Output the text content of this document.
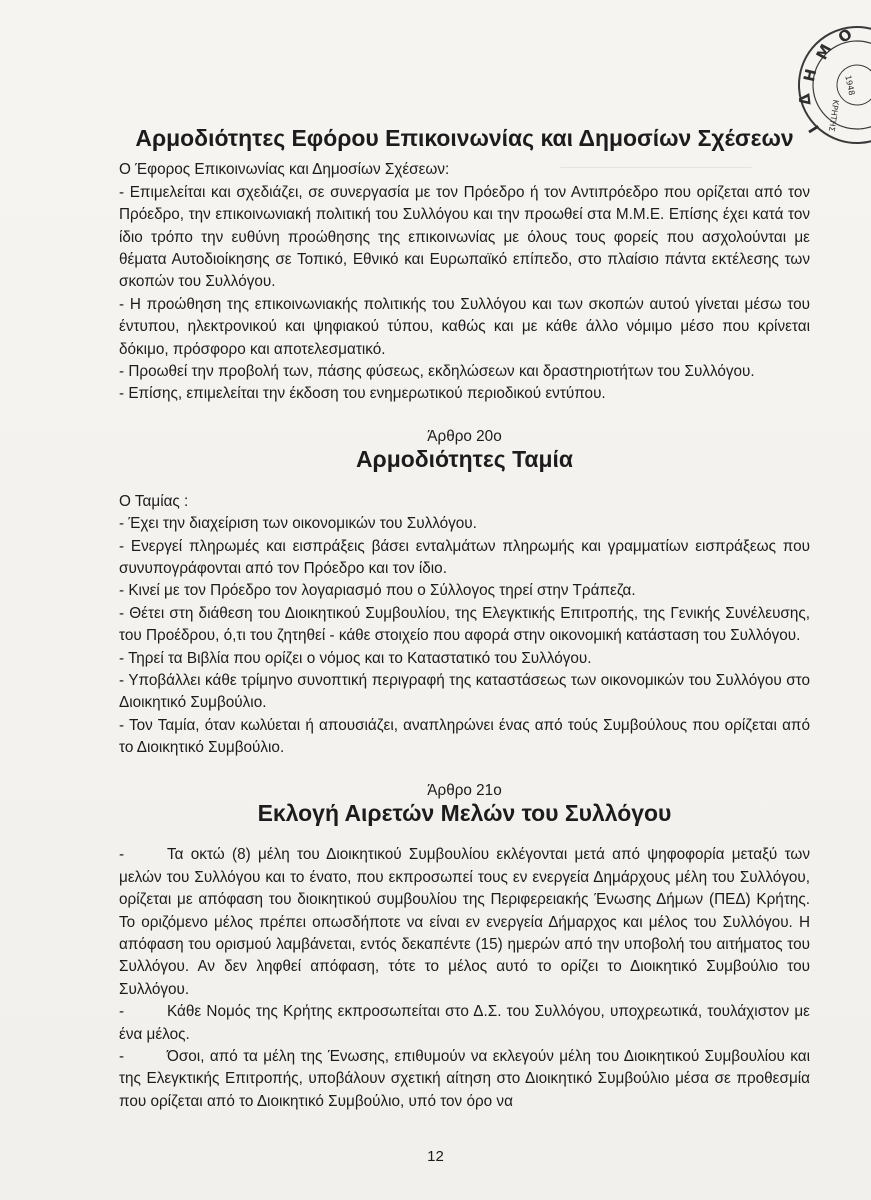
_______________________
Ο
Μ
Η
Δ
Ι
1948
ΚΡΗΤΗΣ
Αρμοδιότητες Εφόρου Επικοινωνίας και Δημοσίων Σχέσεων

Ο Έφορος Επικοινωνίας και Δημοσίων Σχέσεων:

- Επιμελείται και σχεδιάζει, σε συνεργασία με τον Πρόεδρο ή τον Αντιπρόεδρο που ορίζεται από τον Πρόεδρο, την επικοινωνιακή πολιτική του Συλλόγου και την προωθεί στα Μ.Μ.Ε. Επίσης έχει κατά τον ίδιο τρόπο την ευθύνη προώθησης της επικοινωνίας με όλους τους φορείς που ασχολούνται με θέματα Αυτοδιοίκησης σε Τοπικό, Εθνικό και Ευρωπαϊκό επίπεδο, στο πλαίσιο πάντα εκτέλεσης των σκοπών του Συλλόγου.

- Η προώθηση της επικοινωνιακής πολιτικής του Συλλόγου και των σκοπών αυτού γίνεται μέσω του έντυπου, ηλεκτρονικού και ψηφιακού τύπου, καθώς και με κάθε άλλο νόμιμο μέσο που κρίνεται δόκιμο, πρόσφορο και αποτελεσματικό.

- Προωθεί την προβολή των, πάσης φύσεως, εκδηλώσεων και δραστηριοτήτων του Συλλόγου.

- Επίσης, επιμελείται την έκδοση του ενημερωτικού περιοδικού εντύπου.

Άρθρο 20ο
Αρμοδιότητες Ταμία

Ο Ταμίας :

- Έχει την διαχείριση των οικονομικών του Συλλόγου.

- Ενεργεί πληρωμές και εισπράξεις βάσει ενταλμάτων πληρωμής και γραμματίων εισπράξεως που συνυπογράφονται από τον Πρόεδρο και τον ίδιο.

- Κινεί με τον Πρόεδρο τον λογαριασμό που ο Σύλλογος τηρεί στην Τράπεζα.

- Θέτει στη διάθεση του Διοικητικού Συμβουλίου, της Ελεγκτικής Επιτροπής, της Γενικής Συνέλευσης, του Προέδρου, ό,τι του ζητηθεί - κάθε στοιχείο που αφορά στην οικονομική κατάσταση του Συλλόγου.

- Τηρεί τα Βιβλία που ορίζει ο νόμος και το Καταστατικό του Συλλόγου.

- Υποβάλλει κάθε τρίμηνο συνοπτική περιγραφή της καταστάσεως των οικονομικών του Συλλόγου στο Διοικητικό Συμβούλιο.

- Τον Ταμία, όταν κωλύεται ή απουσιάζει, αναπληρώνει ένας από τούς Συμβούλους που ορίζεται από το Διοικητικό Συμβούλιο.

Άρθρο 21ο
Εκλογή Αιρετών Μελών του Συλλόγου

-	Τα οκτώ (8) μέλη του Διοικητικού Συμβουλίου εκλέγονται μετά από ψηφοφορία μεταξύ των μελών του Συλλόγου και το ένατο, που εκπροσωπεί τους εν ενεργεία Δημάρχους μέλη του Συλλόγου, ορίζεται με απόφαση του διοικητικού συμβουλίου της Περιφερειακής Ένωσης Δήμων (ΠΕΔ) Κρήτης. Το οριζόμενο μέλος πρέπει οπωσδήποτε να είναι εν ενεργεία Δήμαρχος και μέλος του Συλλόγου. Η απόφαση του ορισμού λαμβάνεται, εντός δεκαπέντε (15) ημερών από την υποβολή του αιτήματος του Συλλόγου. Αν δεν ληφθεί απόφαση, τότε το μέλος αυτό το ορίζει το Διοικητικό Συμβούλιο του Συλλόγου.

-	Κάθε Νομός της Κρήτης εκπροσωπείται στο Δ.Σ. του Συλλόγου, υποχρεωτικά, τουλάχιστον με ένα μέλος.

-	Όσοι, από τα μέλη της Ένωσης, επιθυμούν να εκλεγούν μέλη του Διοικητικού Συμβουλίου και της Ελεγκτικής Επιτροπής, υποβάλουν σχετική αίτηση στο Διοικητικό Συμβούλιο μέσα σε προθεσμία που ορίζεται από το Διοικητικό Συμβούλιο, υπό τον όρο να

12
